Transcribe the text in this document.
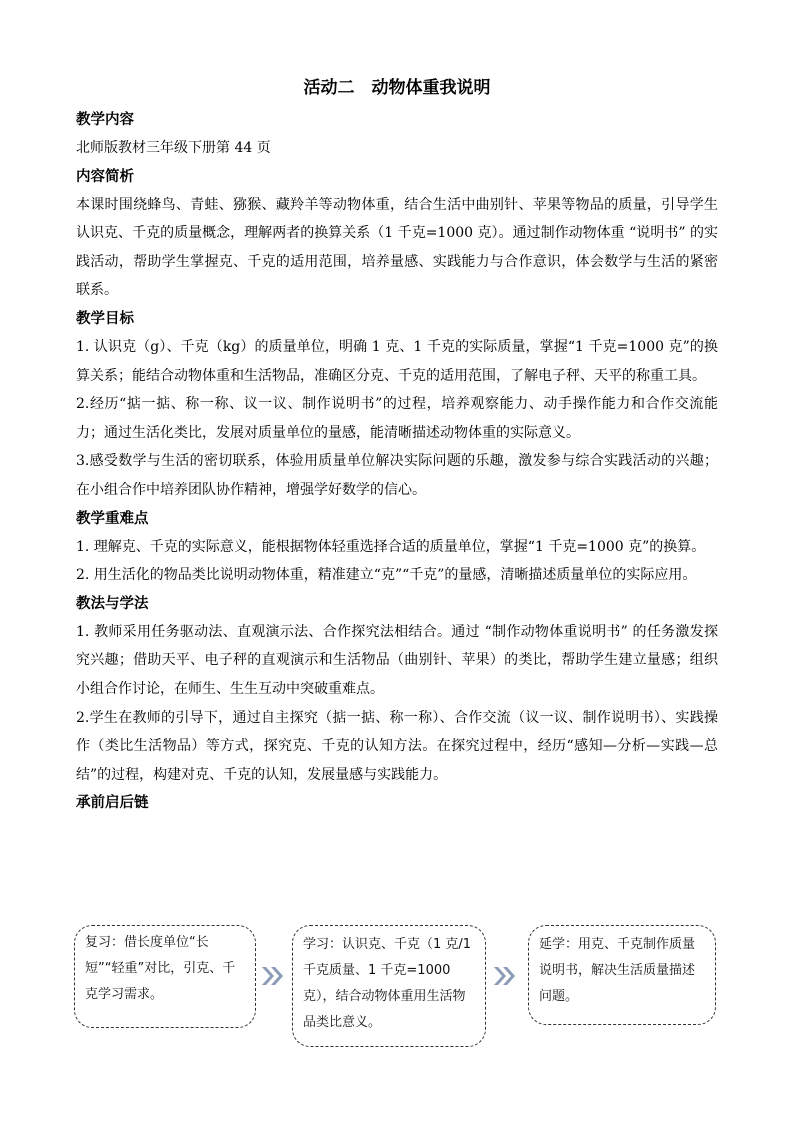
活动二　动物体重我说明
教学内容
北师版教材三年级下册第 44 页
内容简析
本课时围绕蜂鸟、青蛙、猕猴、藏羚羊等动物体重，结合生活中曲别针、苹果等物品的质量，引导学生认识克、千克的质量概念，理解两者的换算关系（1 千克=1000 克）。通过制作动物体重 “说明书” 的实践活动，帮助学生掌握克、千克的适用范围，培养量感、实践能力与合作意识，体会数学与生活的紧密联系。
教学目标
1. 认识克（g）、千克（kg）的质量单位，明确 1 克、1 千克的实际质量，掌握“1 千克=1000 克”的换算关系；能结合动物体重和生活物品，准确区分克、千克的适用范围，了解电子秤、天平的称重工具。
2.经历“掂一掂、称一称、议一议、制作说明书”的过程，培养观察能力、动手操作能力和合作交流能力；通过生活化类比，发展对质量单位的量感，能清晰描述动物体重的实际意义。
3.感受数学与生活的密切联系，体验用质量单位解决实际问题的乐趣，激发参与综合实践活动的兴趣；在小组合作中培养团队协作精神，增强学好数学的信心。
教学重难点
1. 理解克、千克的实际意义，能根据物体轻重选择合适的质量单位，掌握“1 千克=1000 克”的换算。
2. 用生活化的物品类比说明动物体重，精准建立“克”“千克”的量感，清晰描述质量单位的实际应用。
教法与学法
1. 教师采用任务驱动法、直观演示法、合作探究法相结合。通过 “制作动物体重说明书” 的任务激发探究兴趣；借助天平、电子秤的直观演示和生活物品（曲别针、苹果）的类比，帮助学生建立量感；组织小组合作讨论，在师生、生生互动中突破重难点。
2.学生在教师的引导下，通过自主探究（掂一掂、称一称）、合作交流（议一议、制作说明书）、实践操作（类比生活物品）等方式，探究克、千克的认知方法。在探究过程中，经历“感知—分析—实践—总结”的过程，构建对克、千克的认知，发展量感与实践能力。
承前启后链
复习：借长度单位“长短”“轻重”对比，引克、千克学习需求。
学习：认识克、千克（1 克/1 千克质量、1 千克=1000 克），结合动物体重用生活物品类比意义。
延学：用克、千克制作质量说明书，解决生活质量描述问题。
